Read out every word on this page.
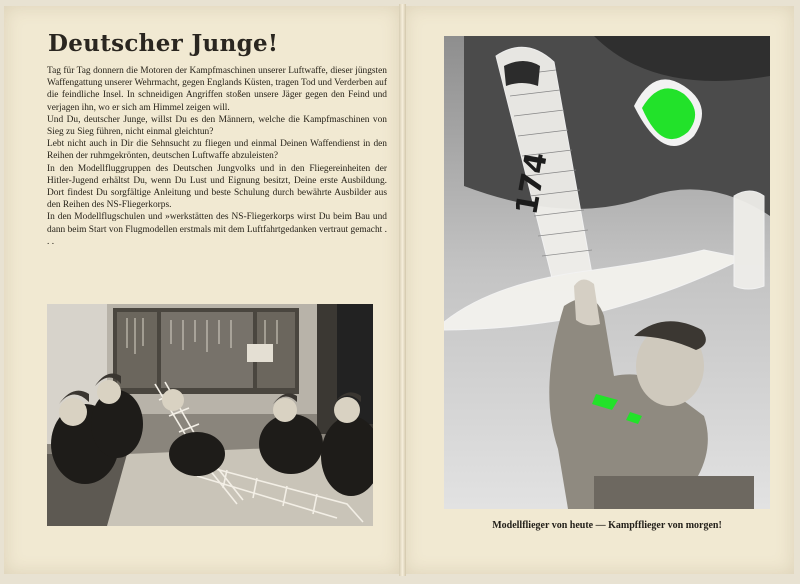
Deutscher Junge!

Tag für Tag donnern die Motoren der Kampfmaschinen unserer Luftwaffe, dieser jüngsten Waffengattung unserer Wehrmacht, gegen Englands Küsten, tragen Tod und Verderben auf die feindliche Insel. In schneidigen Angriffen stoßen unsere Jäger gegen den Feind und verjagen ihn, wo er sich am Himmel zeigen will.

Und Du, deutscher Junge, willst Du es den Männern, welche die Kampfmaschinen von Sieg zu Sieg führen, nicht einmal gleichtun?

Lebt nicht auch in Dir die Sehnsucht zu fliegen und einmal Deinen Waffendienst in den Reihen der ruhmgekrönten, deutschen Luftwaffe abzuleisten?

In den Modellfluggruppen des Deutschen Jungvolks und in den Fliegereinheiten der Hitler-Jugend erhältst Du, wenn Du Lust und Eignung besitzt, Deine erste Ausbildung. Dort findest Du sorgfältige Anleitung und beste Schulung durch bewährte Ausbilder aus den Reihen des NS-Fliegerkorps.

In den Modellflugschulen und »werkstätten des NS-Fliegerkorps wirst Du beim Bau und dann beim Start von Flugmodellen erstmals mit dem Luftfahrtgedanken vertraut gemacht . . .

174

Modellflieger von heute — Kampfflieger von morgen!
